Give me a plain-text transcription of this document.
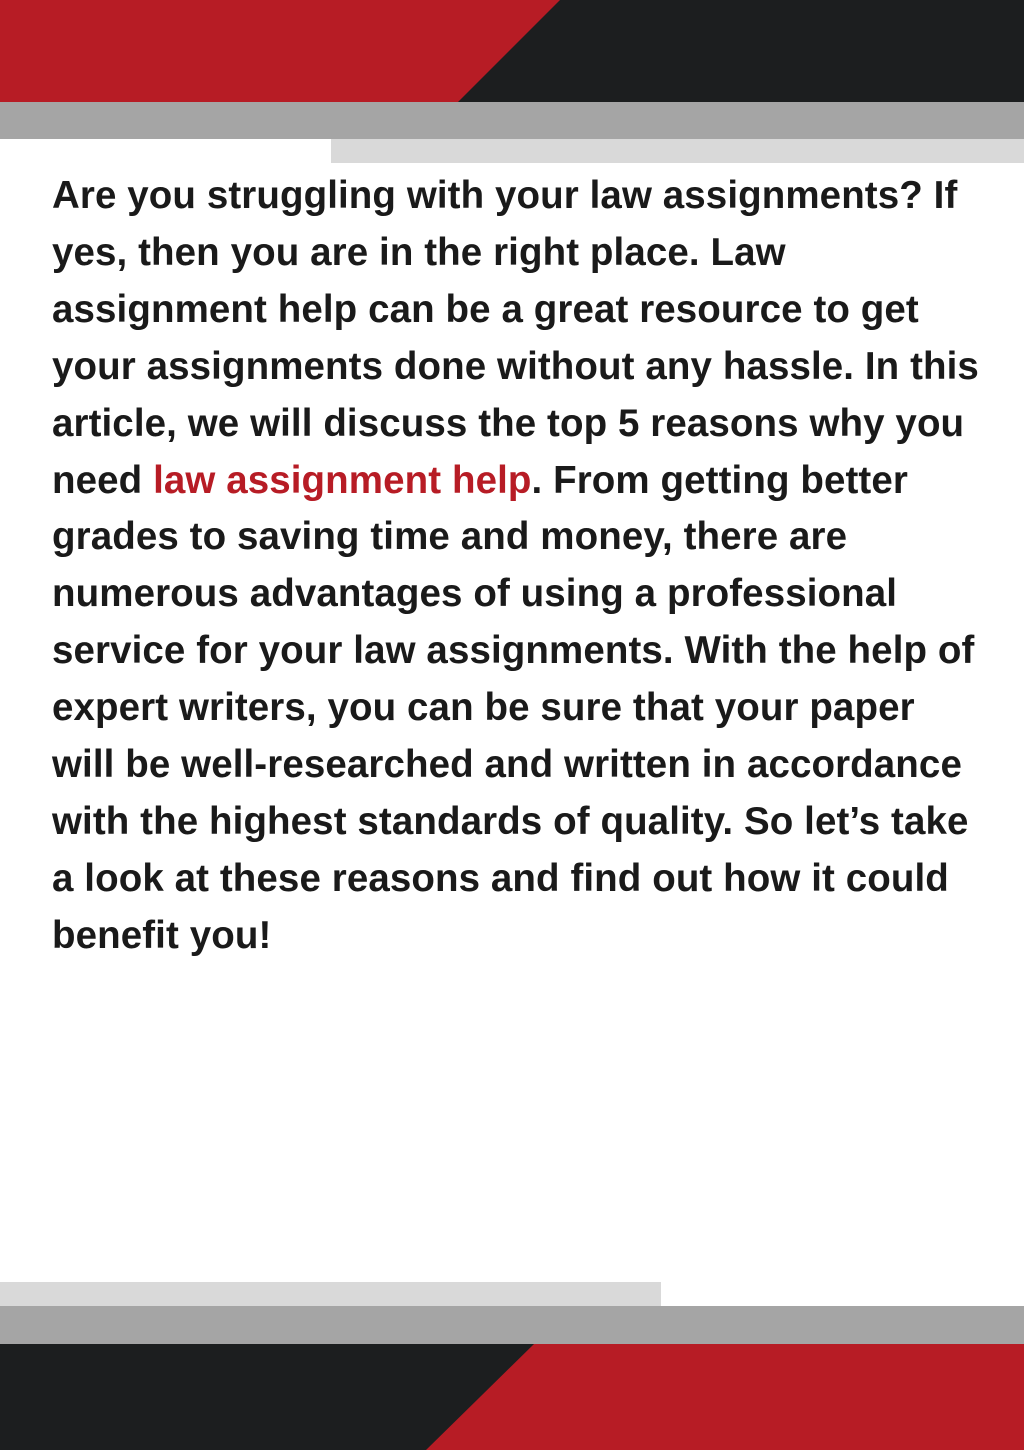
Are you struggling with your law assignments? If yes, then you are in the right place. Law assignment help can be a great resource to get your assignments done without any hassle. In this article, we will discuss the top 5 reasons why you need law assignment help. From getting better grades to saving time and money, there are numerous advantages of using a professional service for your law assignments. With the help of expert writers, you can be sure that your paper will be well-researched and written in accordance with the highest standards of quality. So let’s take a look at these reasons and find out how it could benefit you!
